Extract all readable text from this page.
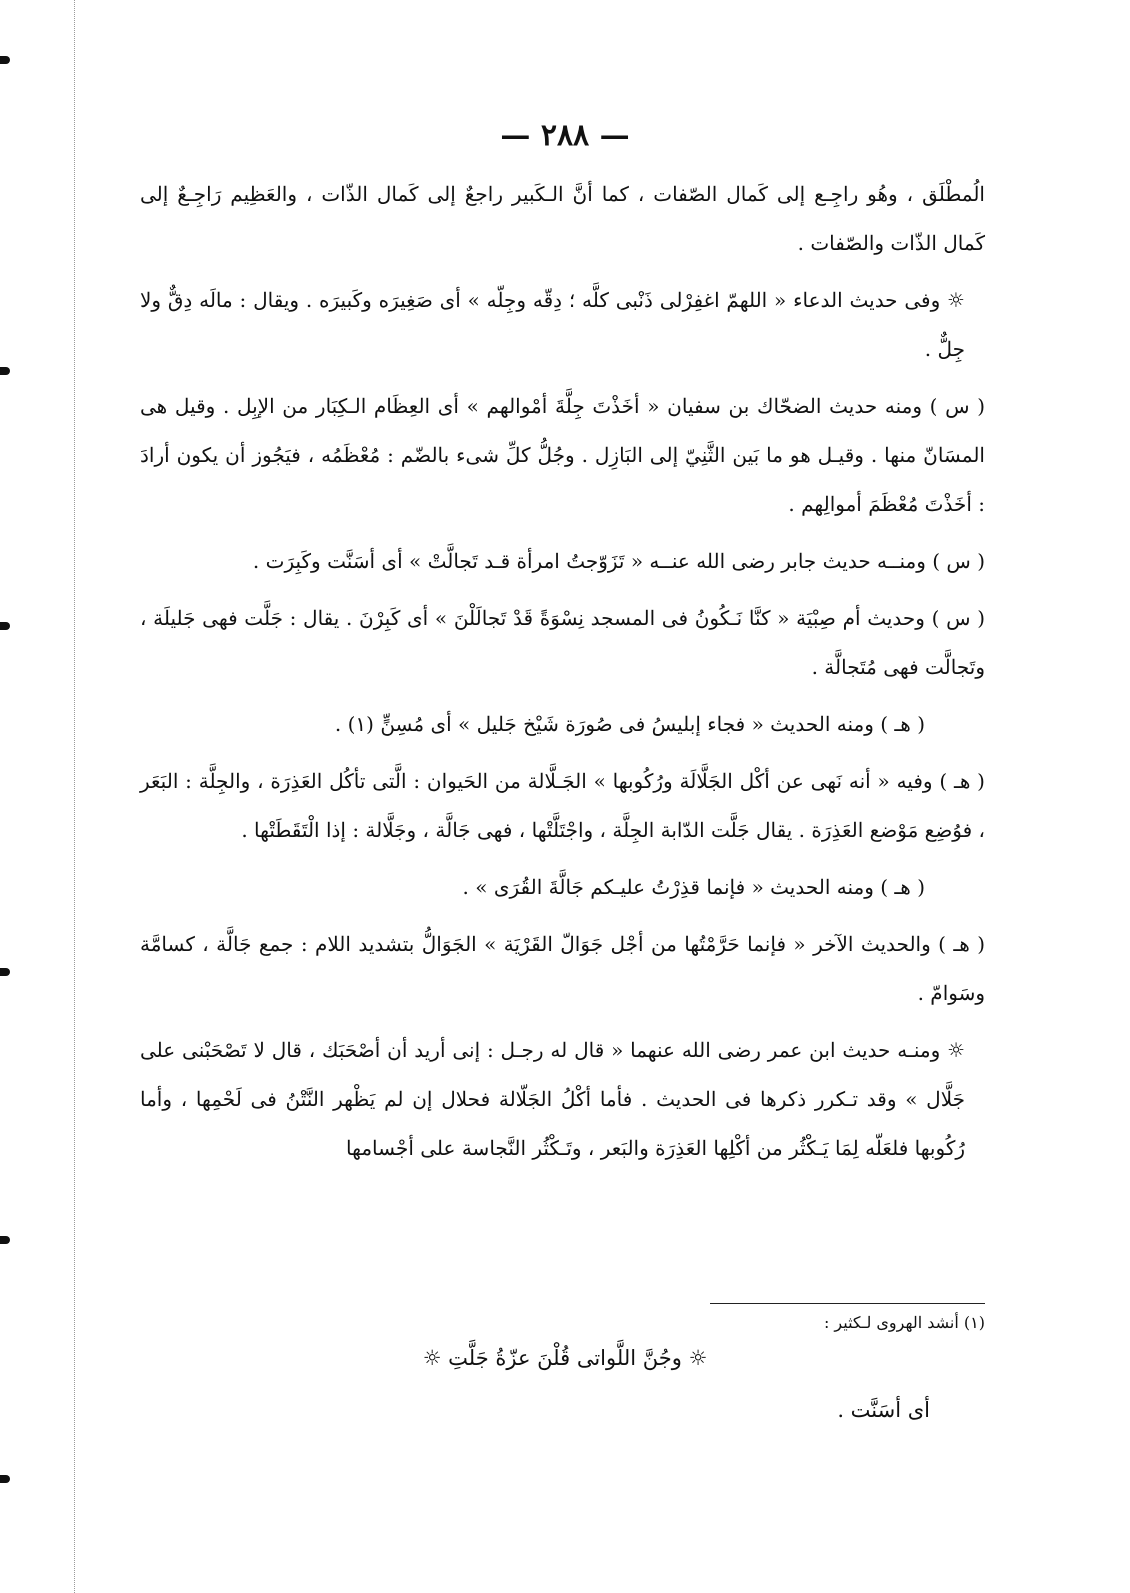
— ٢٨٨ —

الُمطْلَق ، وهُو راجِـع إلى كَمال الصّفات ، كما أنَّ الـكَبير راجعٌ إلى كَمال الذّات ، والعَظِيم رَاجِـعٌ إلى كَمال الذّات والصّفات .

☼ وفى حديث الدعاء « اللهمّ اغفِرْلى ذَنْبى كلَّه ؛ دِقّه وجِلّه » أى صَغِيرَه وكَبيرَه . ويقال : مالَه دِقٌّ ولا جِلٌّ .

( س ) ومنه حديث الضحّاك بن سفيان « أخَذْتَ جِلَّةَ أمْوالهم » أى العِظَام الـكِبَار من الإبِل . وقيل هى المسَانّ منها . وقيـل هو ما بَين الثَّنِيّ إلى البَازِل . وجُلُّ كلِّ شىء بالضّم : مُعْظَمُه ، فيَجُوز أن يكون أرادَ : أخَذْتَ مُعْظَمَ أموالِهم .

( س ) ومنــه حديث جابر رضى الله عنــه « تَزَوّجتُ امرأة قـد تَجالَّتْ » أى أسَنَّت وكَبِرَت .

( س ) وحديث أم صِبْيَة « كنَّا نَـكُونُ فى المسجد نِسْوَةً قَدْ تَجالَلْنَ » أى كَبِرْنَ . يقال : جَلَّت فهى جَليلَة ، وتَجالَّت فهى مُتَجالَّة .

( هـ ) ومنه الحديث « فجاء إبليسُ فى صُورَة شَيْخ جَليل » أى مُسِنٍّ (١) .

( هـ ) وفيه « أنه نَهى عن أكْل الجَلَّالَة ورُكُوبها » الجَـلَّالة من الحَيوان : الَّتى تأكُل العَذِرَة ، والجِلَّة : البَعَر ، فوُضِع مَوْضع العَذِرَة . يقال جَلَّت الدّابة الجِلَّة ، واجْتَلَّتْها ، فهى جَالَّة ، وجَلَّالة : إذا الْتَقَطَتْها .

( هـ ) ومنه الحديث « فإنما قذِرْتُ عليـكم جَالَّةَ القُرَى » .

( هـ ) والحديث الآخر « فإنما حَرَّمْتُها من أجْل جَوَالّ القَرْيَة » الجَوَالُّ بتشديد اللام : جمع جَالَّة ، كسامَّة وسَوامّ .

☼ ومنـه حديث ابن عمر رضى الله عنهما « قال له رجـل : إنى أريد أن أصْحَبَك ، قال لا تَصْحَبْنى على جَلَّال » وقد تـكرر ذكرها فى الحديث . فأما أكْلُ الجَلّالة فحلال إن لم يَظْهر النَّتْنُ فى لَحْمِها ، وأما رُكُوبها فلعَلّه لِمَا يَـكْثُر من أكْلِها العَذِرَة والبَعر ، وتَـكْثُر النَّجاسة على أجْسامها

(١) أنشد الهروى لـكثير :
☼ وجُنَّ اللَّواتى قُلْنَ عزّةُ جَلَّتِ ☼
أى أسَنَّت .
